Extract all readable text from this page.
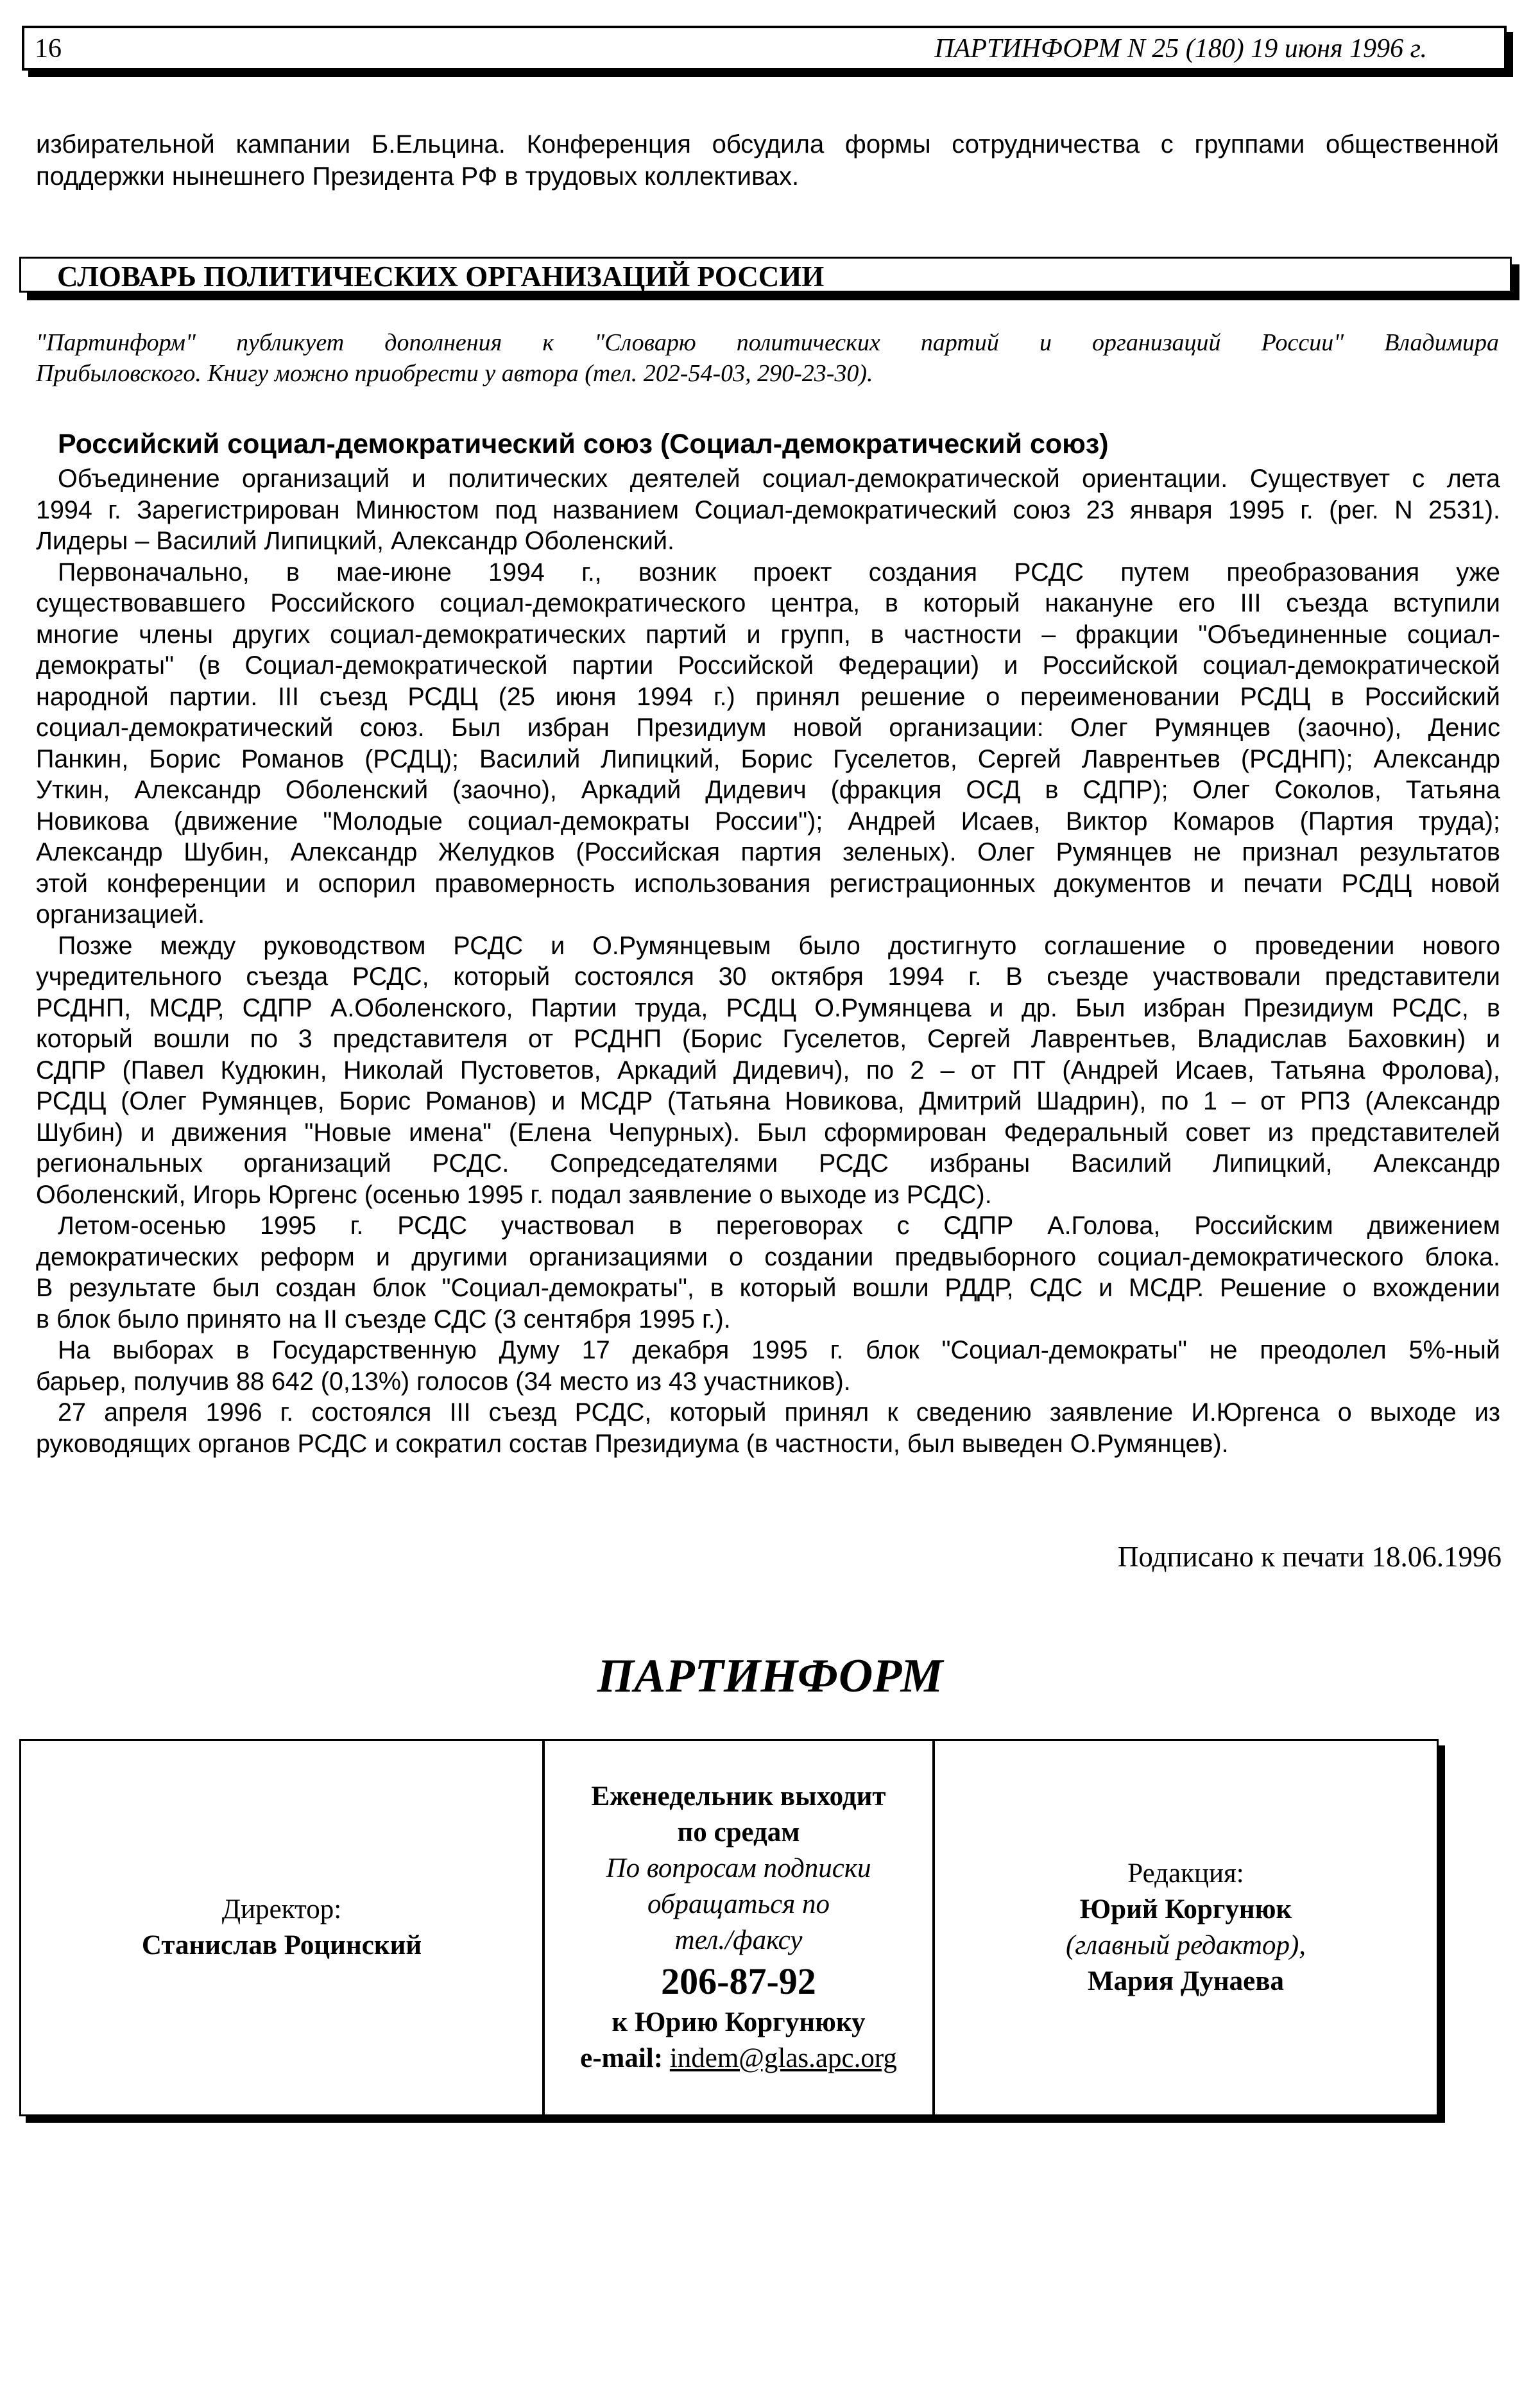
16	ПАРТИНФОРМ N 25 (180) 19 июня 1996 г.

избирательной кампании Б.Ельцина. Конференция обсудила формы сотрудничества с группами общественной

поддержки нынешнего Президента РФ в трудовых коллективах.

СЛОВАРЬ ПОЛИТИЧЕСКИХ ОРГАНИЗАЦИЙ РОССИИ

"Партинформ" публикует дополнения к "Словарю политических партий и организаций России" Владимира

Прибыловского. Книгу можно приобрести у автора (тел. 202-54-03, 290-23-30).

Российский социал-демократический союз (Социал-демократический союз)

Объединение организаций и политических деятелей социал-демократической ориентации. Существует с лета

1994 г. Зарегистрирован Минюстом под названием Социал-демократический союз 23 января 1995 г. (рег. N 2531).

Лидеры – Василий Липицкий, Александр Оболенский.

Первоначально, в мае-июне 1994 г., возник проект создания РСДС путем преобразования уже

существовавшего Российского социал-демократического центра, в который накануне его III съезда вступили

многие члены других социал-демократических партий и групп, в частности – фракции "Объединенные социал-

демократы" (в Социал-демократической партии Российской Федерации) и Российской социал-демократической

народной партии. III съезд РСДЦ (25 июня 1994 г.) принял решение о переименовании РСДЦ в Российский

социал-демократический союз. Был избран Президиум новой организации: Олег Румянцев (заочно), Денис

Панкин, Борис Романов (РСДЦ); Василий Липицкий, Борис Гуселетов, Сергей Лаврентьев (РСДНП); Александр

Уткин, Александр Оболенский (заочно), Аркадий Дидевич (фракция ОСД в СДПР); Олег Соколов, Татьяна

Новикова (движение "Молодые социал-демократы России"); Андрей Исаев, Виктор Комаров (Партия труда);

Александр Шубин, Александр Желудков (Российская партия зеленых). Олег Румянцев не признал результатов

этой конференции и оспорил правомерность использования регистрационных документов и печати РСДЦ новой

организацией.

Позже между руководством РСДС и О.Румянцевым было достигнуто соглашение о проведении нового

учредительного съезда РСДС, который состоялся 30 октября 1994 г. В съезде участвовали представители

РСДНП, МСДР, СДПР А.Оболенского, Партии труда, РСДЦ О.Румянцева и др. Был избран Президиум РСДС, в

который вошли по 3 представителя от РСДНП (Борис Гуселетов, Сергей Лаврентьев, Владислав Баховкин) и

СДПР (Павел Кудюкин, Николай Пустоветов, Аркадий Дидевич), по 2 – от ПТ (Андрей Исаев, Татьяна Фролова),

РСДЦ (Олег Румянцев, Борис Романов) и МСДР (Татьяна Новикова, Дмитрий Шадрин), по 1 – от РПЗ (Александр

Шубин) и движения "Новые имена" (Елена Чепурных). Был сформирован Федеральный совет из представителей

региональных организаций РСДС. Сопредседателями РСДС избраны Василий Липицкий, Александр

Оболенский, Игорь Юргенс (осенью 1995 г. подал заявление о выходе из РСДС).

Летом-осенью 1995 г. РСДС участвовал в переговорах с СДПР А.Голова, Российским движением

демократических реформ и другими организациями о создании предвыборного социал-демократического блока.

В результате был создан блок "Социал-демократы", в который вошли РДДР, СДС и МСДР. Решение о вхождении

в блок было принято на II съезде СДС (3 сентября 1995 г.).

На выборах в Государственную Думу 17 декабря 1995 г. блок "Социал-демократы" не преодолел 5%-ный

барьер, получив 88 642 (0,13%) голосов (34 место из 43 участников).

27 апреля 1996 г. состоялся III съезд РСДС, который принял к сведению заявление И.Юргенса о выходе из

руководящих органов РСДС и сократил состав Президиума (в частности, был выведен О.Румянцев).

Подписано к печати 18.06.1996
ПАРТИНФОРМ
Директор:
Станислав Роцинский
Еженедельник выходит
по средам
По вопросам подписки
обращаться по
тел./факсу
206-87-92
к Юрию Коргунюку
e-mail: indem@glas.apc.org
Редакция:
Юрий Коргунюк
(главный редактор),
Мария Дунаева
